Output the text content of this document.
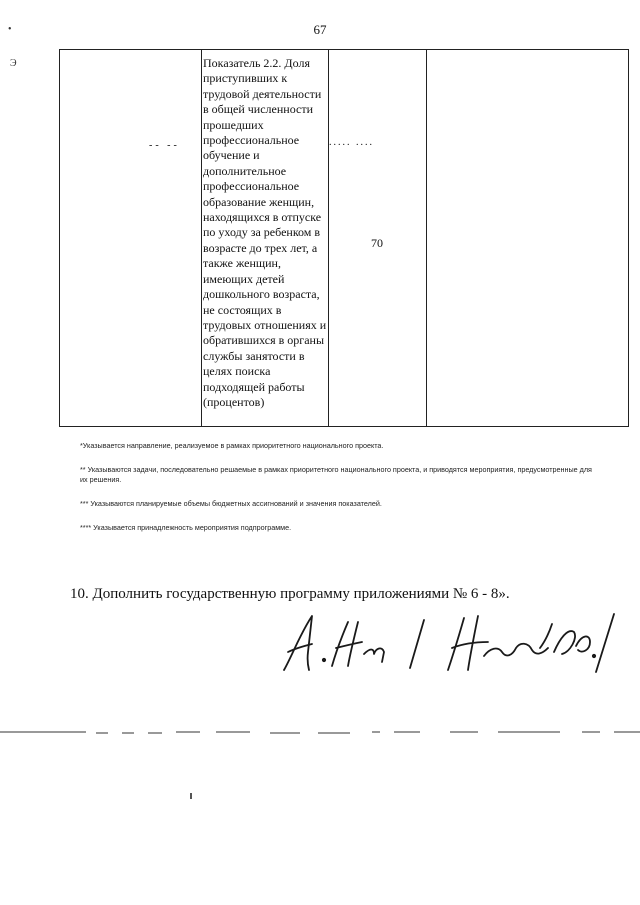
67
•
Э
-- --	..... ....

Показатель 2.2. Доля
приступивших к
трудовой деятельности
в общей численности
прошедших
профессиональное
обучение и
дополнительное
профессиональное
образование женщин,
находящихся в отпуске
по уходу за ребенком в
возрасте до трех лет, а
также женщин,
имеющих детей
дошкольного возраста,
не состоящих в
трудовых отношениях и
обратившихся в органы
службы занятости в
целях поиска
подходящей работы
(процентов)

70

*Указывается направление, реализуемое в рамках приоритетного национального проекта.

** Указываются задачи, последовательно решаемые в рамках приоритетного национального проекта, и приводятся мероприятия, предусмотренные для их решения.

*** Указываются планируемые объемы бюджетных ассигнований и значения показателей.

**** Указывается принадлежность мероприятия подпрограмме.

10. Дополнить государственную программу приложениями № 6 - 8».
